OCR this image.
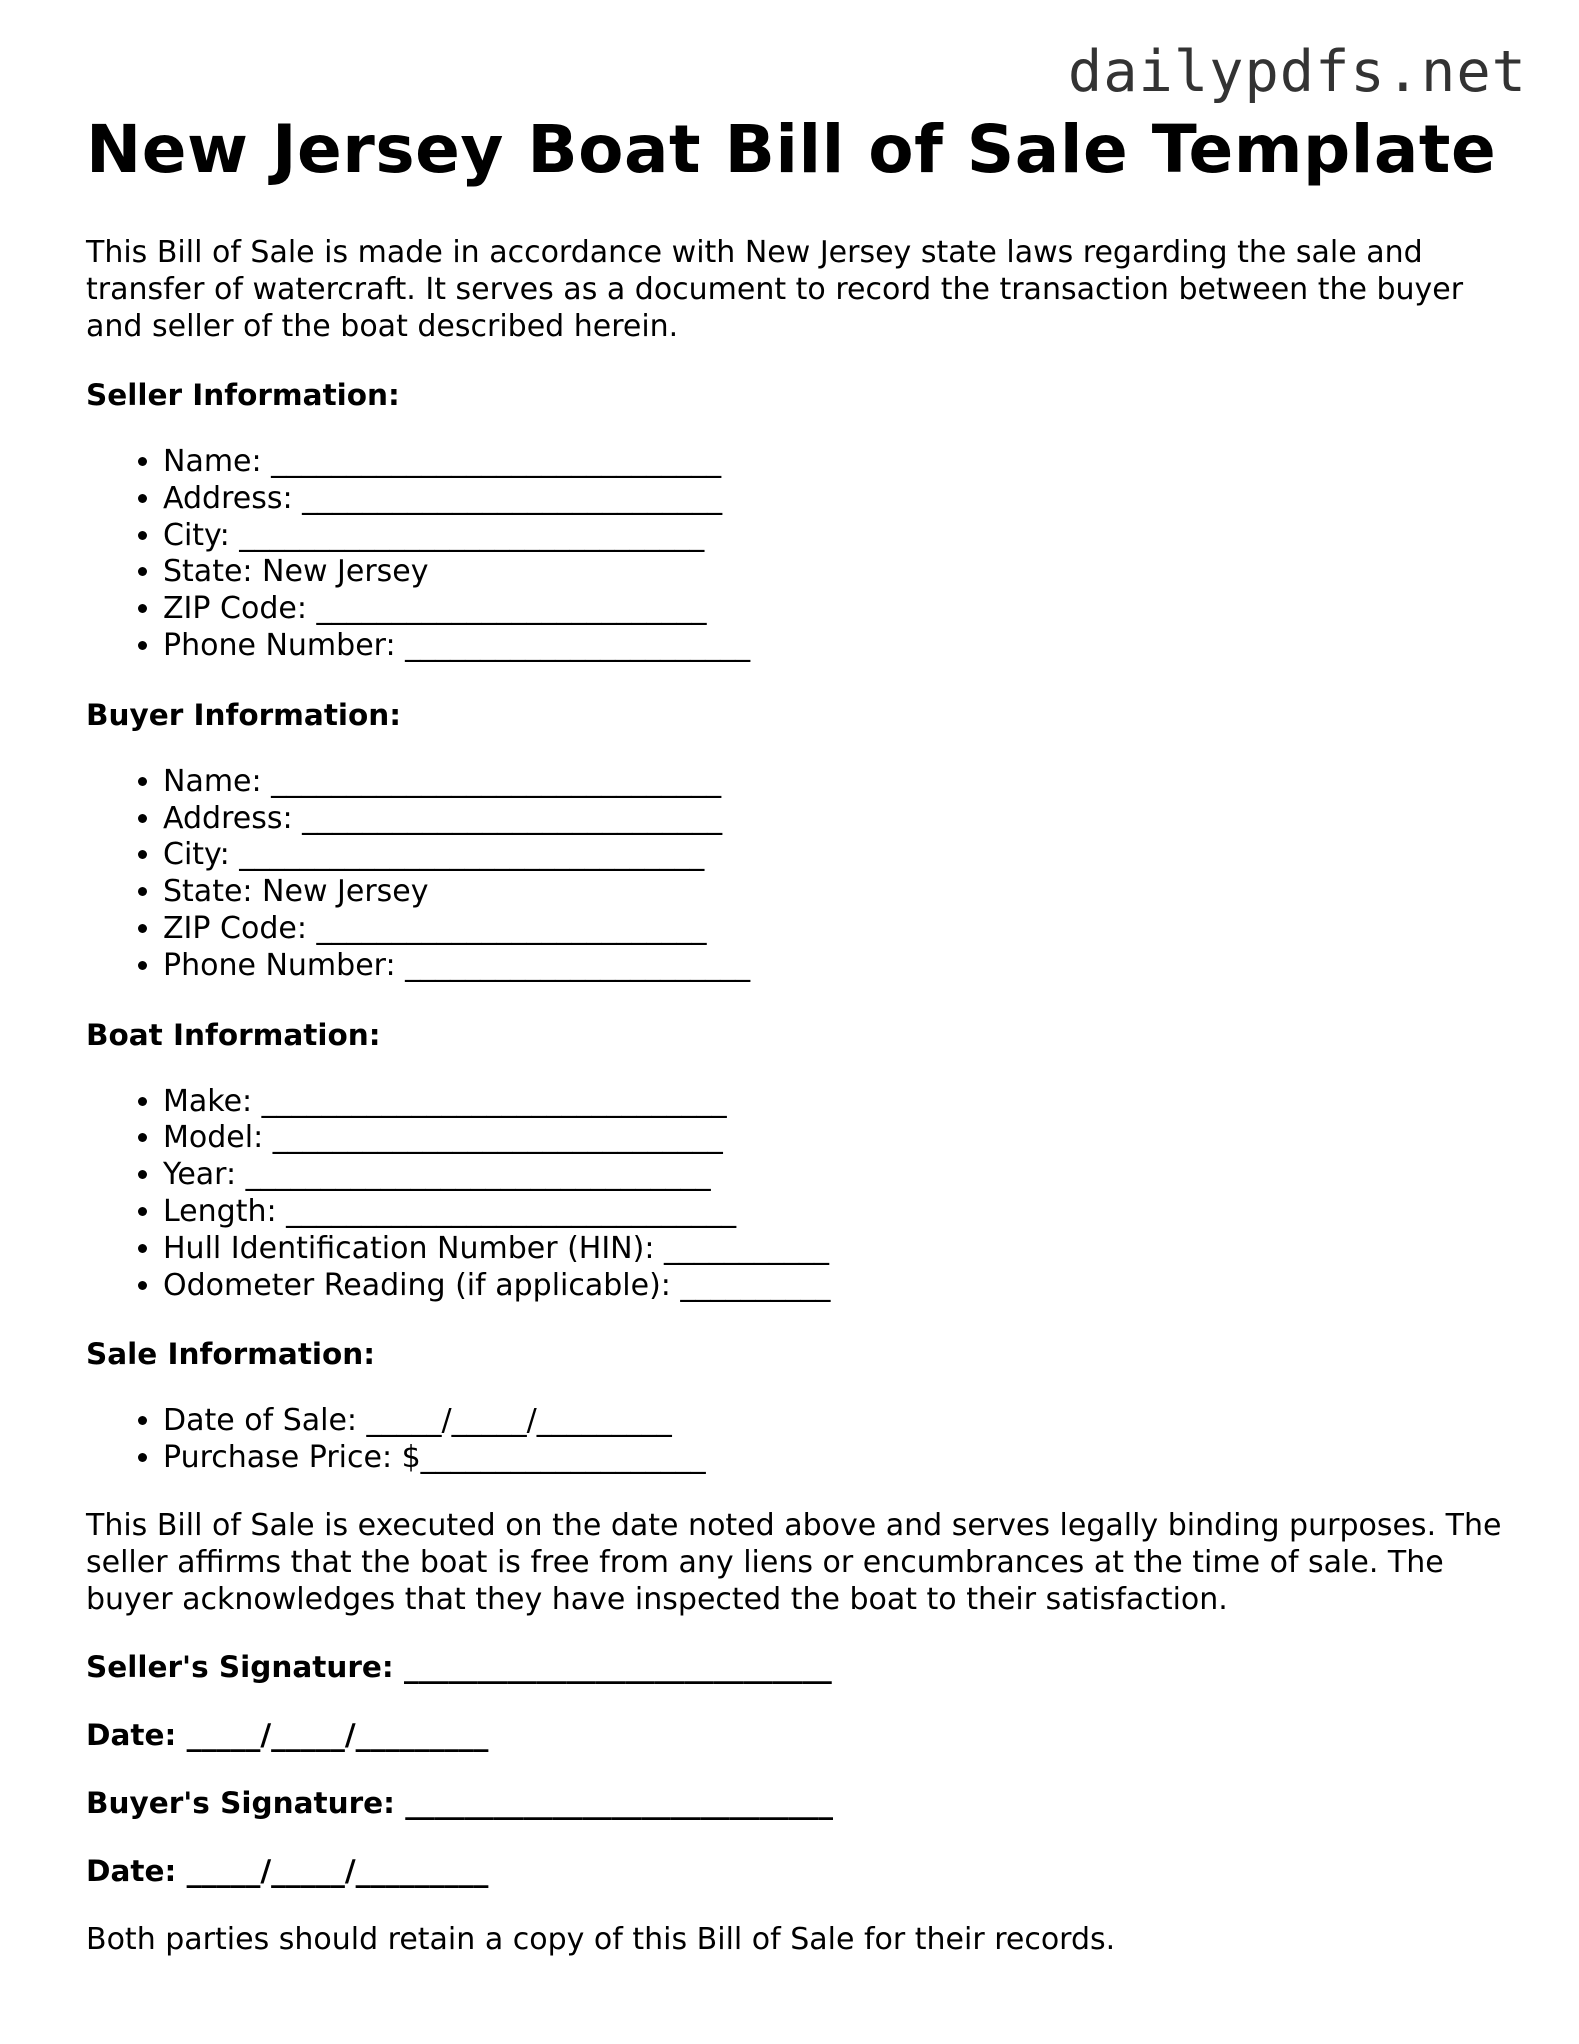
dailypdfs.net
New Jersey Boat Bill of Sale Template

This Bill of Sale is made in accordance with New Jersey state laws regarding the sale and transfer of watercraft. It serves as a document to record the transaction between the buyer and seller of the boat described herein.

Seller Information:
• Name: ______________________________
• Address: ____________________________
• City: _______________________________
• State: New Jersey
• ZIP Code: __________________________
• Phone Number: _______________________
Buyer Information:
• Name: ______________________________
• Address: ____________________________
• City: _______________________________
• State: New Jersey
• ZIP Code: __________________________
• Phone Number: _______________________
Boat Information:
• Make: _______________________________
• Model: ______________________________
• Year: _______________________________
• Length: ______________________________
• Hull Identification Number (HIN): ___________
• Odometer Reading (if applicable): __________
Sale Information:
• Date of Sale: _____/_____/_________
• Purchase Price: $___________________

This Bill of Sale is executed on the date noted above and serves legally binding purposes. The seller affirms that the boat is free from any liens or encumbrances at the time of sale. The buyer acknowledges that they have inspected the boat to their satisfaction.

Seller's Signature: _____________________________
Date: _____/_____/_________
Buyer's Signature: _____________________________
Date: _____/_____/_________

Both parties should retain a copy of this Bill of Sale for their records.
